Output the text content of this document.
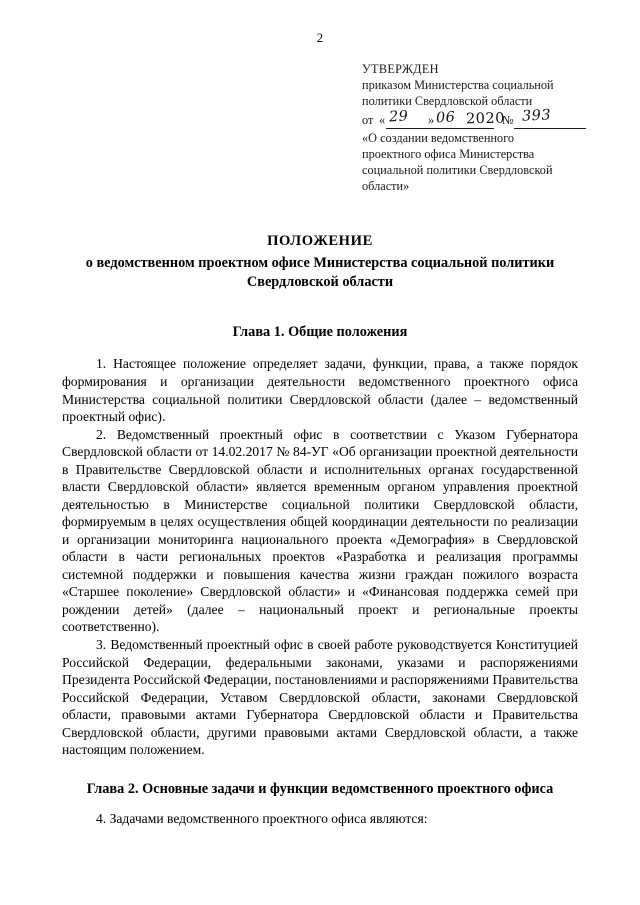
2
УТВЕРЖДЕН
приказом Министерства социальной
политики Свердловской области
от « 29 » 06 2020
№ 393
«О создании ведомственного
проектного офиса Министерства
социальной политики Свердловской
области»
ПОЛОЖЕНИЕ
о ведомственном проектном офисе Министерства социальной политики
Свердловской области
Глава 1. Общие положения

1. Настоящее положение определяет задачи, функции, права, а также порядок формирования и организации деятельности ведомственного проектного офиса Министерства социальной политики Свердловской области (далее – ведомственный проектный офис).

2. Ведомственный проектный офис в соответствии с Указом Губернатора Свердловской области от 14.02.2017 № 84-УГ «Об организации проектной деятельности в Правительстве Свердловской области и исполнительных органах государственной власти Свердловской области» является временным органом управления проектной деятельностью в Министерстве социальной политики Свердловской области, формируемым в целях осуществления общей координации деятельности по реализации и организации мониторинга национального проекта «Демография» в Свердловской области в части региональных проектов «Разработка и реализация программы системной поддержки и повышения качества жизни граждан пожилого возраста «Старшее поколение» Свердловской области» и «Финансовая поддержка семей при рождении детей» (далее – национальный проект и региональные проекты соответственно).

3. Ведомственный проектный офис в своей работе руководствуется Конституцией Российской Федерации, федеральными законами, указами и распоряжениями Президента Российской Федерации, постановлениями и распоряжениями Правительства Российской Федерации, Уставом Свердловской области, законами Свердловской области, правовыми актами Губернатора Свердловской области и Правительства Свердловской области, другими правовыми актами Свердловской области, а также настоящим положением.

Глава 2. Основные задачи и функции ведомственного проектного офиса

4. Задачами ведомственного проектного офиса являются:
